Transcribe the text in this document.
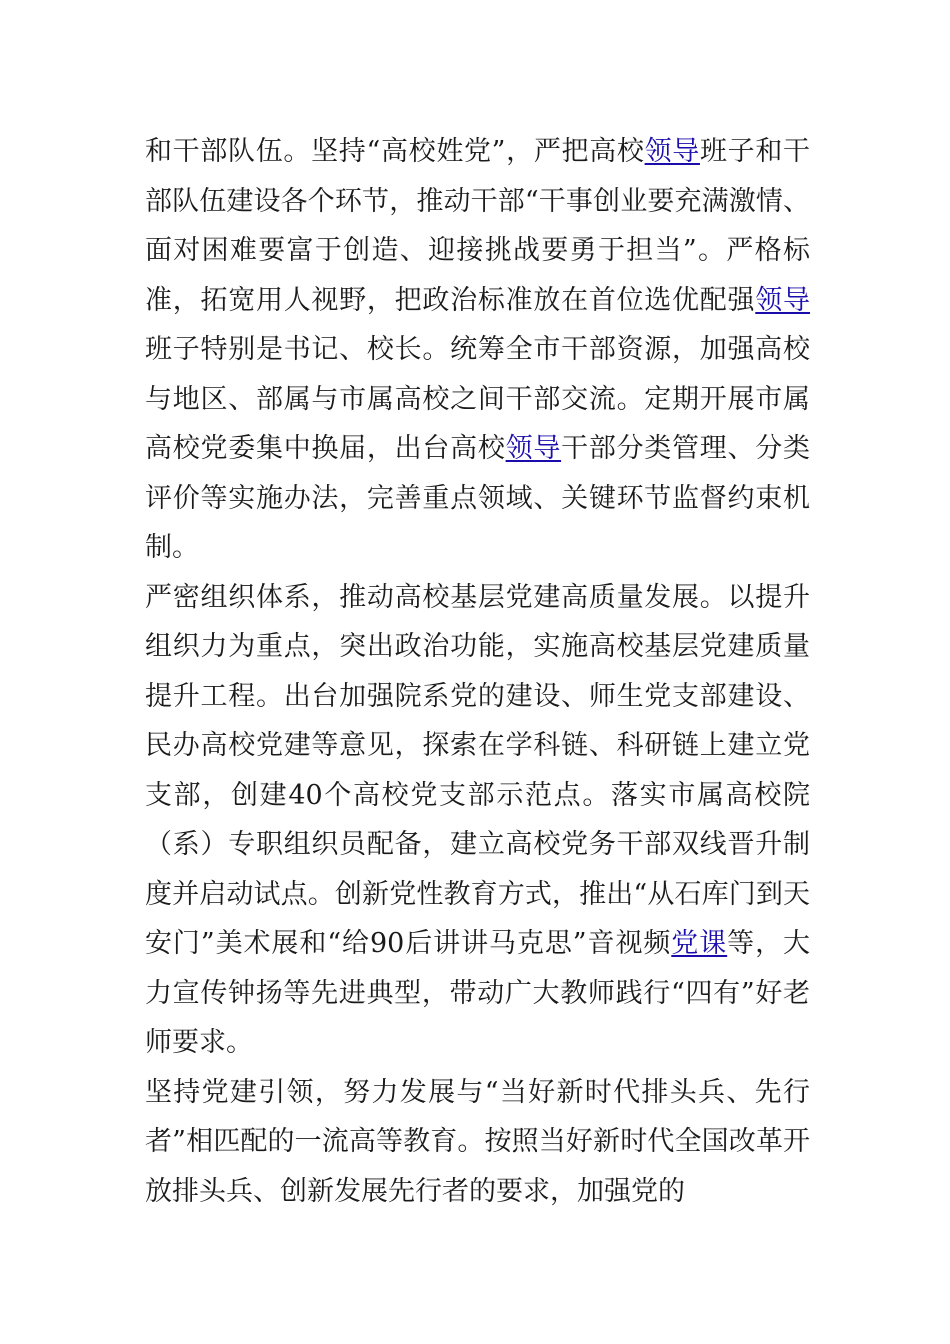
和干部队伍。坚持“高校姓党”，严把高校领导班子和干部队伍建设各个环节，推动干部“干事创业要充满激情、面对困难要富于创造、迎接挑战要勇于担当”。严格标准，拓宽用人视野，把政治标准放在首位选优配强领导班子特别是书记、校长。统筹全市干部资源，加强高校与地区、部属与市属高校之间干部交流。定期开展市属高校党委集中换届，出台高校领导干部分类管理、分类评价等实施办法，完善重点领域、关键环节监督约束机制。

严密组织体系，推动高校基层党建高质量发展。以提升组织力为重点，突出政治功能，实施高校基层党建质量提升工程。出台加强院系党的建设、师生党支部建设、民办高校党建等意见，探索在学科链、科研链上建立党支部，创建40个高校党支部示范点。落实市属高校院（系）专职组织员配备，建立高校党务干部双线晋升制度并启动试点。创新党性教育方式，推出“从石库门到天安门”美术展和“给90后讲讲马克思”音视频党课等，大力宣传钟扬等先进典型，带动广大教师践行“四有”好老师要求。

坚持党建引领，努力发展与“当好新时代排头兵、先行者”相匹配的一流高等教育。按照当好新时代全国改革开放排头兵、创新发展先行者的要求，加强党的
